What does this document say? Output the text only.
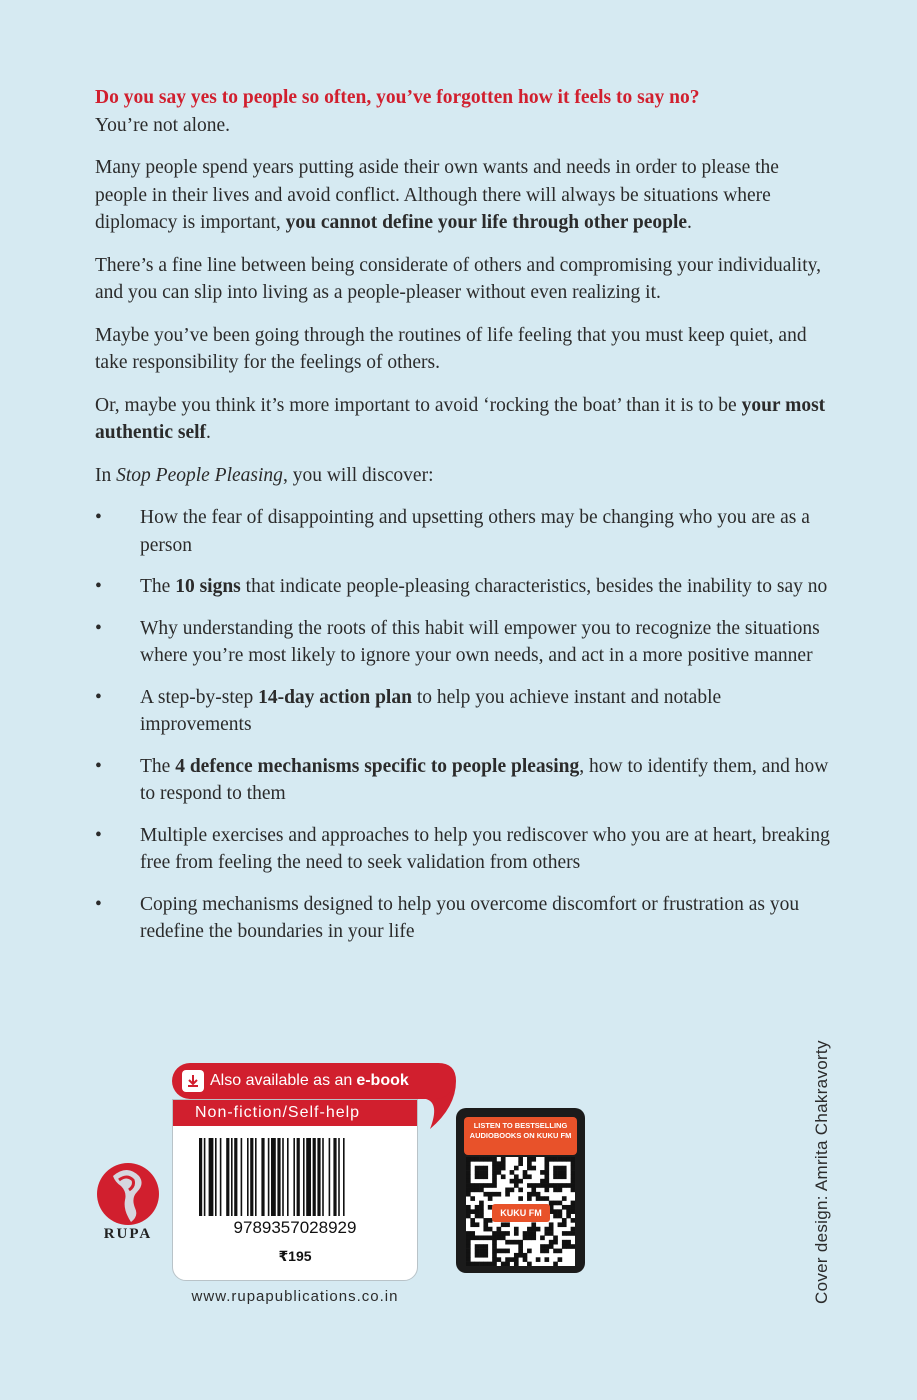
Do you say yes to people so often, you’ve forgotten how it feels to say no?
You’re not alone.

Many people spend years putting aside their own wants and needs in order to please the people in their lives and avoid conflict. Although there will always be situations where diplomacy is important, you cannot define your life through other people.

There’s a fine line between being considerate of others and compromising your individuality, and you can slip into living as a people-pleaser without even realizing it.

Maybe you’ve been going through the routines of life feeling that you must keep quiet, and take responsibility for the feelings of others.

Or, maybe you think it’s more important to avoid ‘rocking the boat’ than it is to be your most authentic self.

In Stop People Pleasing, you will discover:

• How the fear of disappointing and upsetting others may be changing who you are as a person
• The 10 signs that indicate people-pleasing characteristics, besides the inability to say no
• Why understanding the roots of this habit will empower you to recognize the situations where you’re most likely to ignore your own needs, and act in a more positive manner
• A step-by-step 14-day action plan to help you achieve instant and notable improvements
• The 4 defence mechanisms specific to people pleasing, how to identify them, and how to respond to them
• Multiple exercises and approaches to help you rediscover who you are at heart, breaking free from feeling the need to seek validation from others
• Coping mechanisms designed to help you overcome discomfort or frustration as you redefine the boundaries in your life
RUPA
Also available as an e-book
Non-fiction/Self-help
9789357028929
₹195
www.rupapublications.co.in
LISTEN TO BESTSELLING AUDIOBOOKS ON KUKU FM
KUKU FM	Cover design: Amrita Chakravorty
